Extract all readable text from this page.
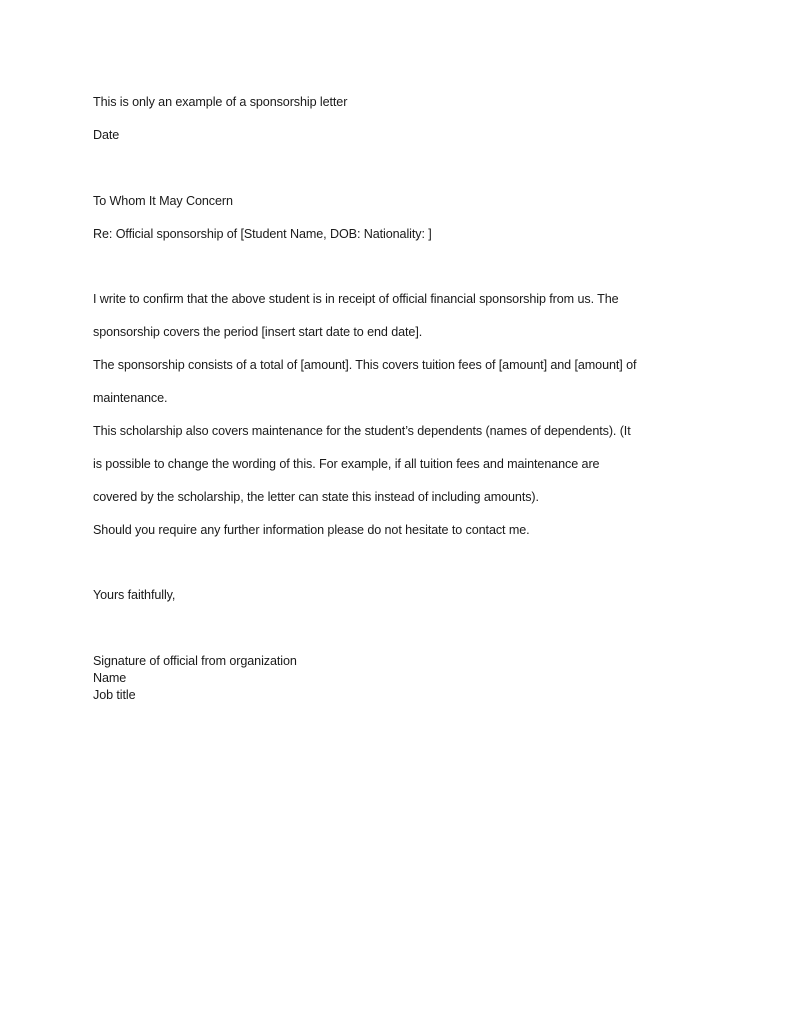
This is only an example of a sponsorship letter
Date
To Whom It May Concern
Re: Official sponsorship of [Student Name, DOB: Nationality: ]
I write to confirm that the above student is in receipt of official financial sponsorship from us. The
sponsorship covers the period [insert start date to end date].
The sponsorship consists of a total of [amount]. This covers tuition fees of [amount] and [amount] of
maintenance.
This scholarship also covers maintenance for the student’s dependents (names of dependents). (It
is possible to change the wording of this. For example, if all tuition fees and maintenance are
covered by the scholarship, the letter can state this instead of including amounts).
Should you require any further information please do not hesitate to contact me.
Yours faithfully,
Signature of official from organization
Name
Job title
